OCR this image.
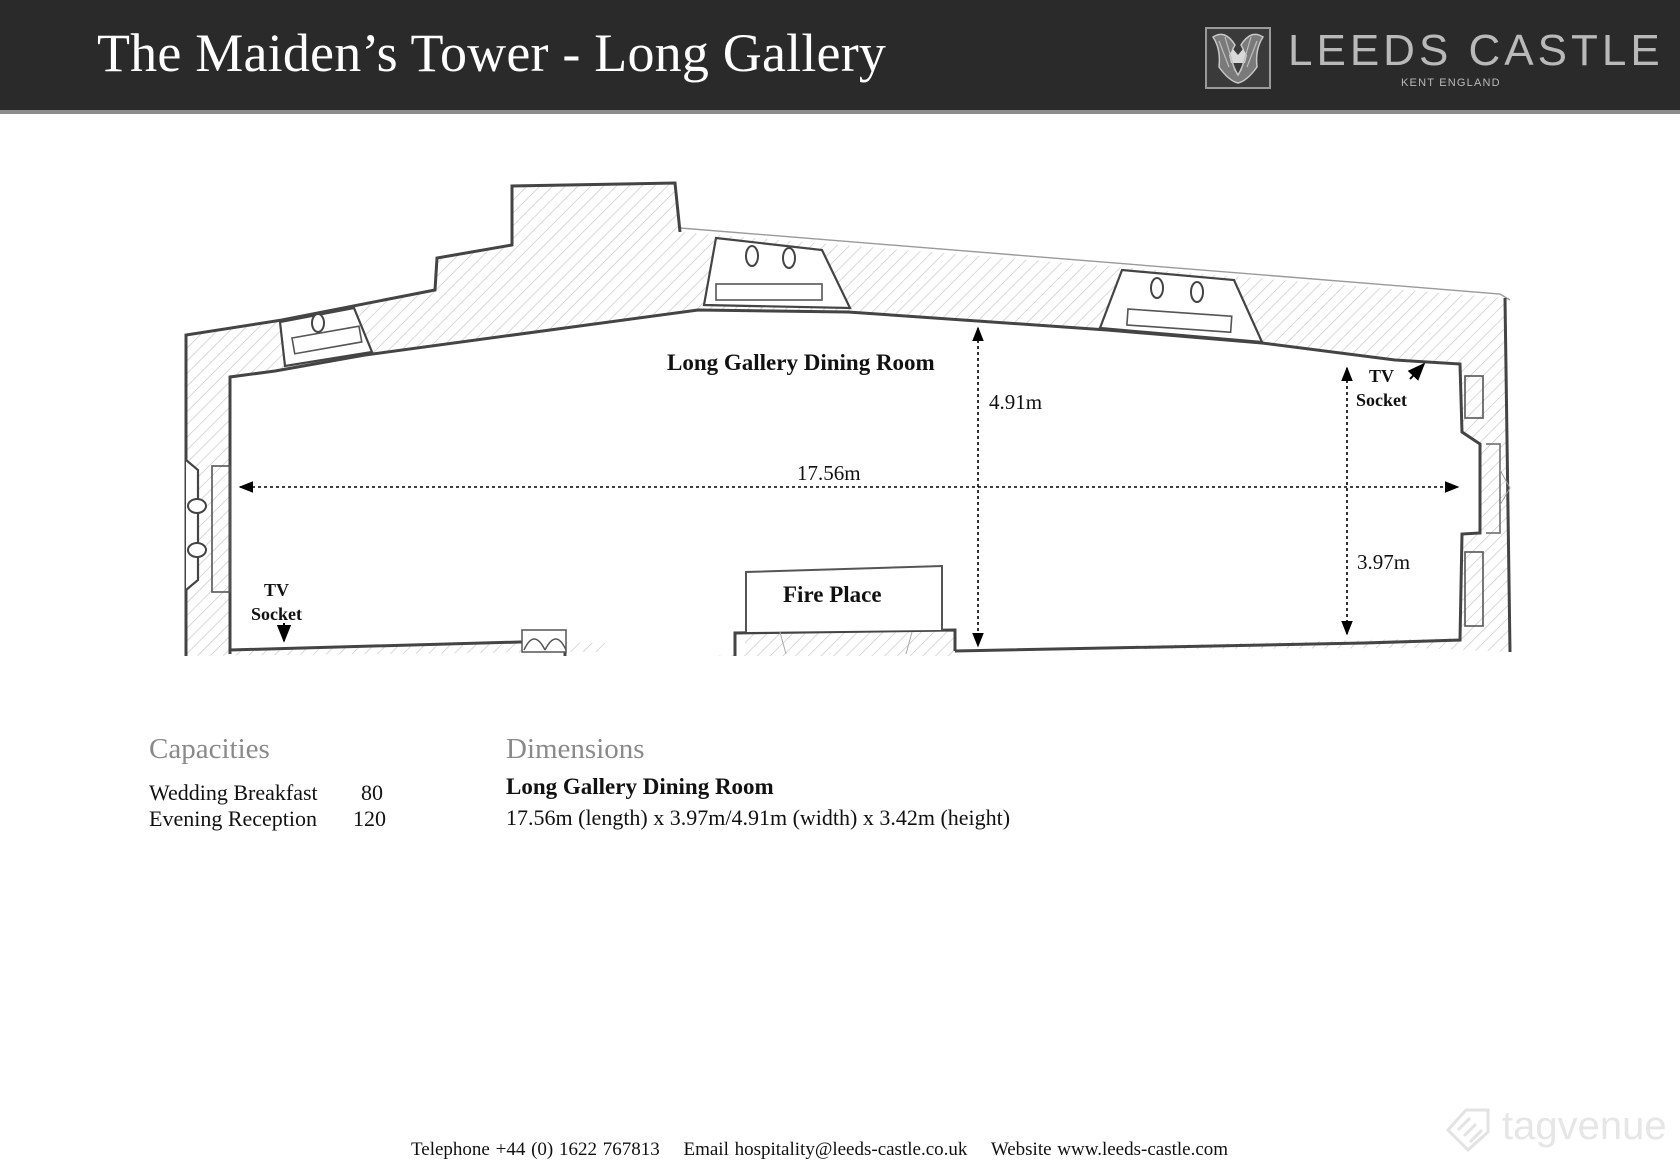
The Maiden’s Tower - Long Gallery	LEEDS CASTLE
KENT ENGLAND
Long Gallery Dining Room
4.91m
17.56m
3.97m
TV
Socket
TV
Socket
Fire Place
Capacities
Wedding Breakfast	80
Evening Reception	120
Dimensions
Long Gallery Dining Room
17.56m (length) x 3.97m/4.91m (width) x 3.42m (height)
Telephone +44 (0) 1622 767813 Email hospitality@leeds-castle.co.uk Website www.leeds-castle.com
tagvenue
